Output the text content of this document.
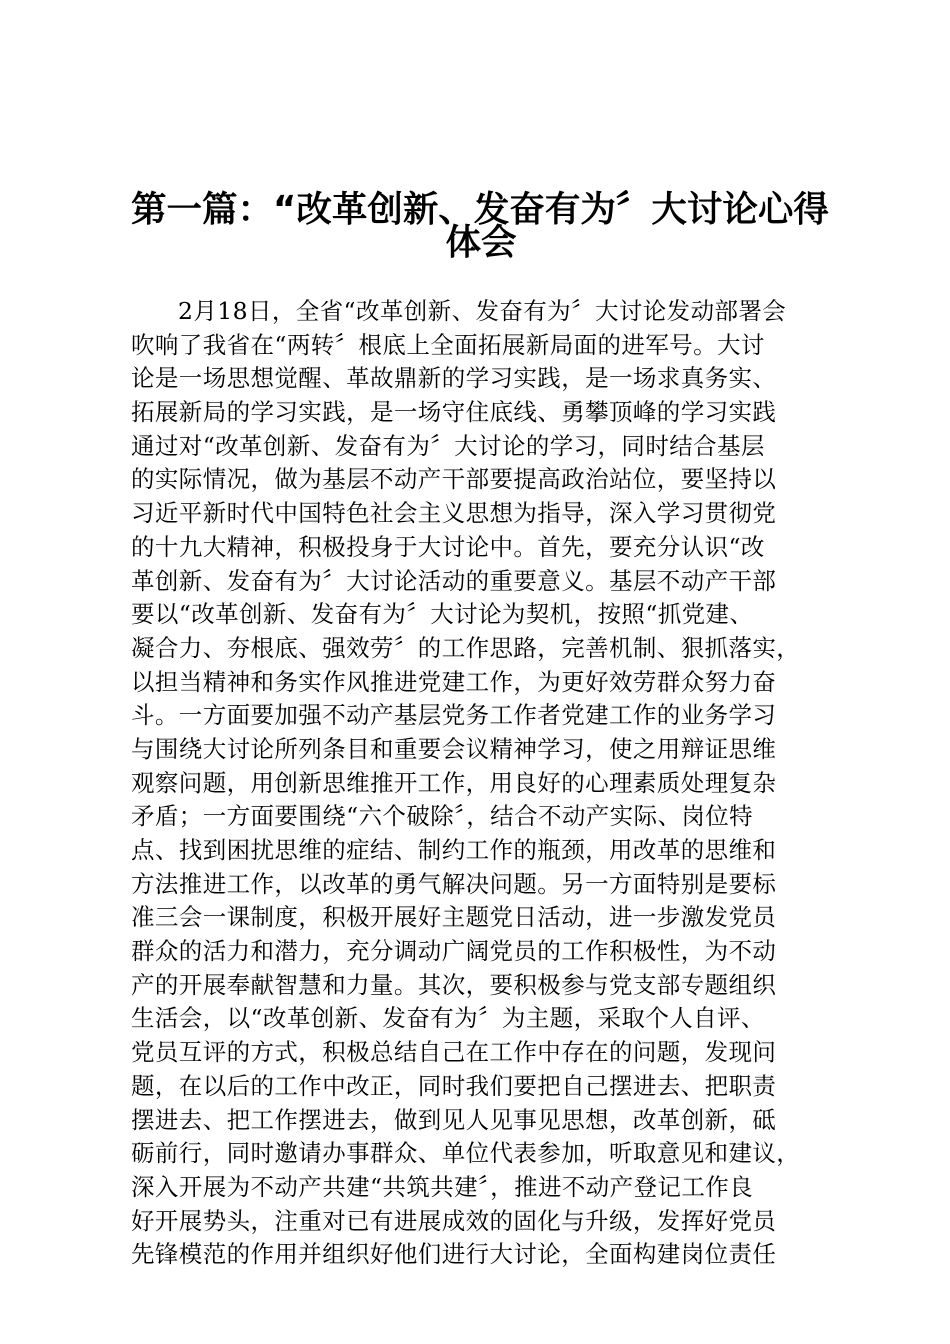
第一篇：“改革创新、发奋有为〞大讨论心得
体会
2月18日，全省“改革创新、发奋有为〞大讨论发动部署会
吹响了我省在“两转〞根底上全面拓展新局面的进军号。大讨
论是一场思想觉醒、革故鼎新的学习实践，是一场求真务实、
拓展新局的学习实践，是一场守住底线、勇攀顶峰的学习实践
通过对“改革创新、发奋有为〞大讨论的学习，同时结合基层
的实际情况，做为基层不动产干部要提高政治站位，要坚持以
习近平新时代中国特色社会主义思想为指导，深入学习贯彻党
的十九大精神，积极投身于大讨论中。首先，要充分认识“改
革创新、发奋有为〞大讨论活动的重要意义。基层不动产干部
要以“改革创新、发奋有为〞大讨论为契机，按照“抓党建、
凝合力、夯根底、强效劳〞的工作思路，完善机制、狠抓落实，
以担当精神和务实作风推进党建工作，为更好效劳群众努力奋
斗。一方面要加强不动产基层党务工作者党建工作的业务学习
与围绕大讨论所列条目和重要会议精神学习，使之用辩证思维
观察问题，用创新思维推开工作，用良好的心理素质处理复杂
矛盾；一方面要围绕“六个破除〞，结合不动产实际、岗位特
点、找到困扰思维的症结、制约工作的瓶颈，用改革的思维和
方法推进工作，以改革的勇气解决问题。另一方面特别是要标
准三会一课制度，积极开展好主题党日活动，进一步激发党员
群众的活力和潜力，充分调动广阔党员的工作积极性，为不动
产的开展奉献智慧和力量。其次，要积极参与党支部专题组织
生活会，以“改革创新、发奋有为〞为主题，采取个人自评、
党员互评的方式，积极总结自己在工作中存在的问题，发现问
题，在以后的工作中改正，同时我们要把自己摆进去、把职责
摆进去、把工作摆进去，做到见人见事见思想，改革创新，砥
砺前行，同时邀请办事群众、单位代表参加，听取意见和建议，
深入开展为不动产共建“共筑共建〞，推进不动产登记工作良
好开展势头，注重对已有进展成效的固化与升级，发挥好党员
先锋模范的作用并组织好他们进行大讨论，全面构建岗位责任
